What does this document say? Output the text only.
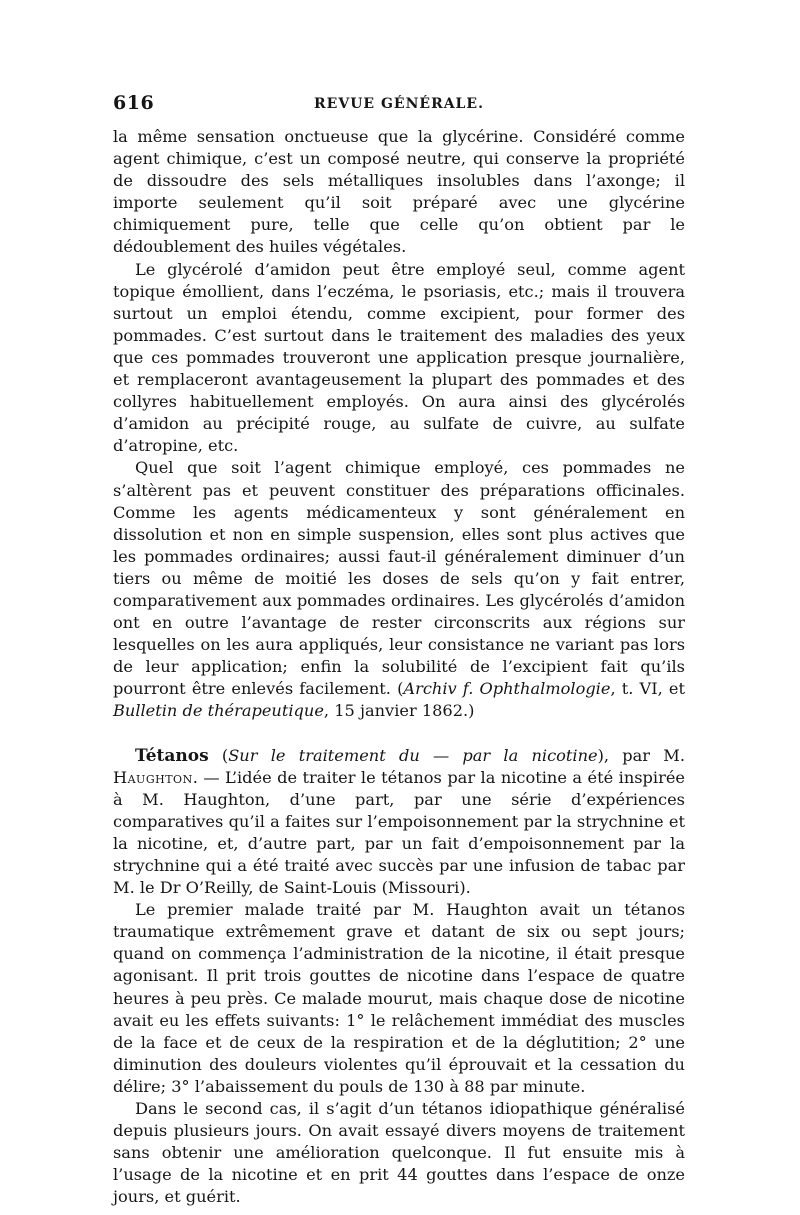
616	REVUE GÉNÉRALE.

la même sensation onctueuse que la glycérine. Considéré comme agent chimique, c’est un composé neutre, qui conserve la propriété de dissoudre des sels métalliques insolubles dans l’axonge; il importe seulement qu’il soit préparé avec une glycérine chimiquement pure, telle que celle qu’on obtient par le dédoublement des huiles végétales.

Le glycérolé d’amidon peut être employé seul, comme agent topique émollient, dans l’eczéma, le psoriasis, etc.; mais il trouvera surtout un emploi étendu, comme excipient, pour former des pommades. C’est surtout dans le traitement des maladies des yeux que ces pommades trouveront une application presque journalière, et remplaceront avantageusement la plupart des pommades et des collyres habituellement employés. On aura ainsi des glycérolés d’amidon au précipité rouge, au sulfate de cuivre, au sulfate d’atropine, etc.

Quel que soit l’agent chimique employé, ces pommades ne s’altèrent pas et peuvent constituer des préparations officinales. Comme les agents médicamenteux y sont généralement en dissolution et non en simple suspension, elles sont plus actives que les pommades ordinaires; aussi faut-il généralement diminuer d’un tiers ou même de moitié les doses de sels qu’on y fait entrer, comparativement aux pommades ordinaires. Les glycérolés d’amidon ont en outre l’avantage de rester circonscrits aux régions sur lesquelles on les aura appliqués, leur consistance ne variant pas lors de leur application; enfin la solubilité de l’excipient fait qu’ils pourront être enlevés facilement. (Archiv f. Ophthalmologie, t. VI, et Bulletin de thérapeutique, 15 janvier 1862.)

Tétanos (Sur le traitement du — par la nicotine), par M. Haughton. — L’idée de traiter le tétanos par la nicotine a été inspirée à M. Haughton, d’une part, par une série d’expériences comparatives qu’il a faites sur l’empoisonnement par la strychnine et la nicotine, et, d’autre part, par un fait d’empoisonnement par la strychnine qui a été traité avec succès par une infusion de tabac par M. le Dr O’Reilly, de Saint-Louis (Missouri).

Le premier malade traité par M. Haughton avait un tétanos traumatique extrêmement grave et datant de six ou sept jours; quand on commença l’administration de la nicotine, il était presque agonisant. Il prit trois gouttes de nicotine dans l’espace de quatre heures à peu près. Ce malade mourut, mais chaque dose de nicotine avait eu les effets suivants: 1° le relâchement immédiat des muscles de la face et de ceux de la respiration et de la déglutition; 2° une diminution des douleurs violentes qu’il éprouvait et la cessation du délire; 3° l’abaissement du pouls de 130 à 88 par minute.

Dans le second cas, il s’agit d’un tétanos idiopathique généralisé depuis plusieurs jours. On avait essayé divers moyens de traitement sans obtenir une amélioration quelconque. Il fut ensuite mis à l’usage de la nicotine et en prit 44 gouttes dans l’espace de onze jours, et guérit.
